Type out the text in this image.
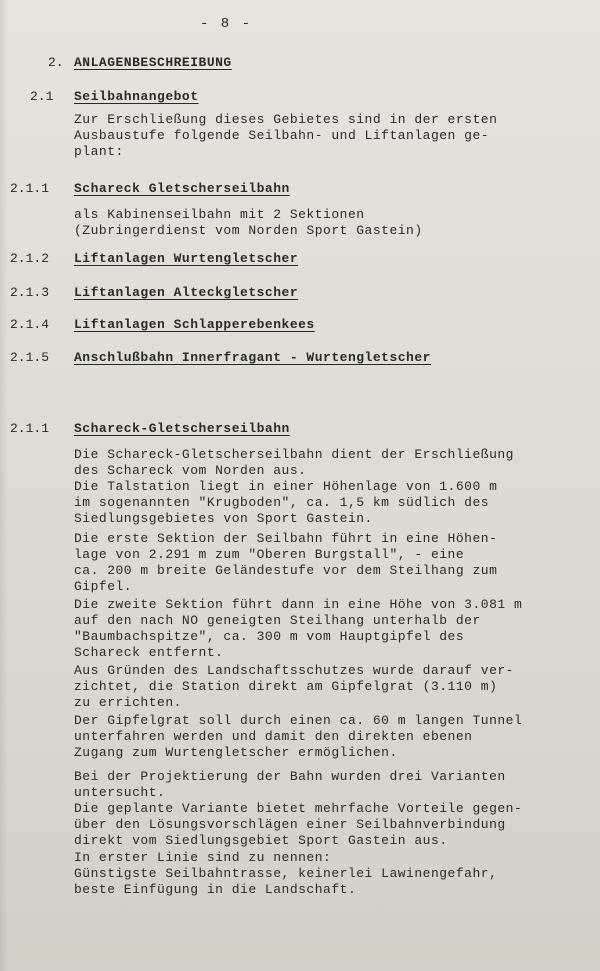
- 8 -
2. ANLAGENBESCHREIBUNG
2.1 Seilbahnangebot
Zur Erschließung dieses Gebietes sind in der ersten
Ausbaustufe folgende Seilbahn- und Liftanlagen ge-
plant:
2.1.1 Schareck Gletscherseilbahn
als Kabinenseilbahn mit 2 Sektionen
(Zubringerdienst vom Norden Sport Gastein)
2.1.2 Liftanlagen Wurtengletscher
2.1.3 Liftanlagen Alteckgletscher
2.1.4 Liftanlagen Schlapperebenkees
2.1.5 Anschlußbahn Innerfragant - Wurtengletscher
2.1.1 Schareck-Gletscherseilbahn
Die Schareck-Gletscherseilbahn dient der Erschließung
des Schareck vom Norden aus.
Die Talstation liegt in einer Höhenlage von 1.600 m
im sogenannten "Krugboden", ca. 1,5 km südlich des
Siedlungsgebietes von Sport Gastein.
Die erste Sektion der Seilbahn führt in eine Höhen-
lage von 2.291 m zum "Oberen Burgstall", - eine
ca. 200 m breite Geländestufe vor dem Steilhang zum
Gipfel.
Die zweite Sektion führt dann in eine Höhe von 3.081 m
auf den nach NO geneigten Steilhang unterhalb der
"Baumbachspitze", ca. 300 m vom Hauptgipfel des
Schareck entfernt.
Aus Gründen des Landschaftsschutzes wurde darauf ver-
zichtet, die Station direkt am Gipfelgrat (3.110 m)
zu errichten.
Der Gipfelgrat soll durch einen ca. 60 m langen Tunnel
unterfahren werden und damit den direkten ebenen
Zugang zum Wurtengletscher ermöglichen.
Bei der Projektierung der Bahn wurden drei Varianten
untersucht.
Die geplante Variante bietet mehrfache Vorteile gegen-
über den Lösungsvorschlägen einer Seilbahnverbindung
direkt vom Siedlungsgebiet Sport Gastein aus.
In erster Linie sind zu nennen:
Günstigste Seilbahntrasse, keinerlei Lawinengefahr,
beste Einfügung in die Landschaft.
